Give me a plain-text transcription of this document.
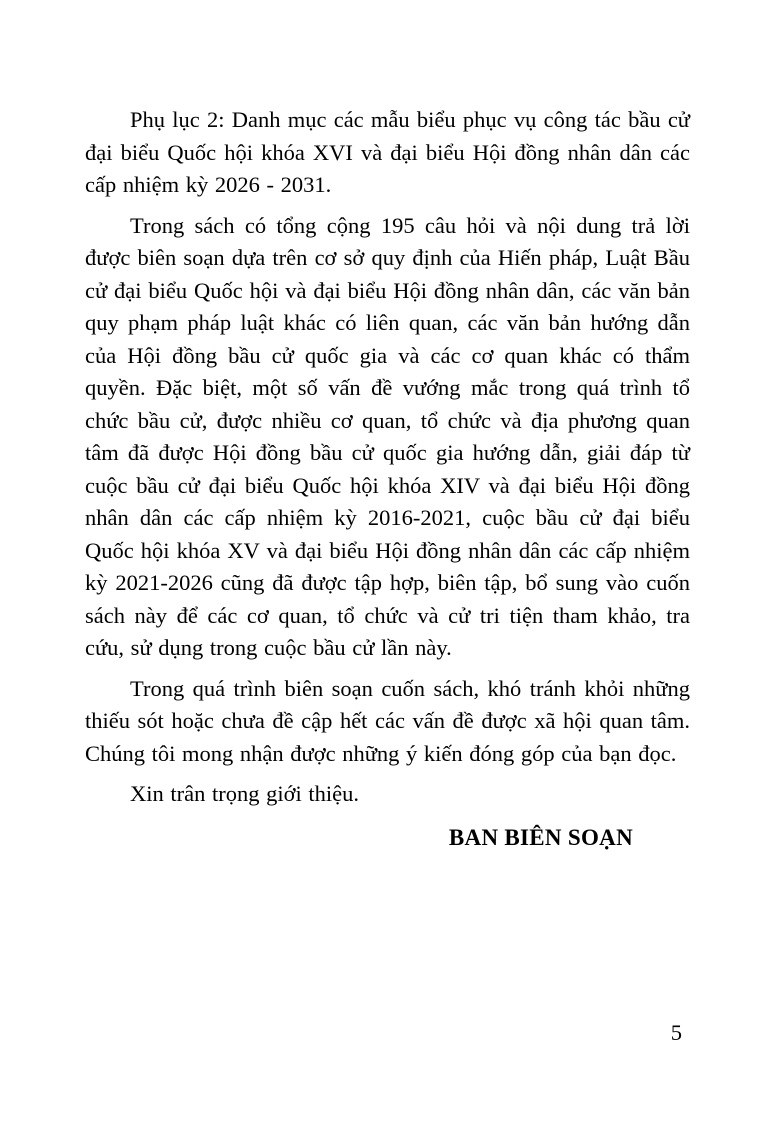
Phụ lục 2: Danh mục các mẫu biểu phục vụ công tác bầu cử đại biểu Quốc hội khóa XVI và đại biểu Hội đồng nhân dân các cấp nhiệm kỳ 2026 - 2031.

Trong sách có tổng cộng 195 câu hỏi và nội dung trả lời được biên soạn dựa trên cơ sở quy định của Hiến pháp, Luật Bầu cử đại biểu Quốc hội và đại biểu Hội đồng nhân dân, các văn bản quy phạm pháp luật khác có liên quan, các văn bản hướng dẫn của Hội đồng bầu cử quốc gia và các cơ quan khác có thẩm quyền. Đặc biệt, một số vấn đề vướng mắc trong quá trình tổ chức bầu cử, được nhiều cơ quan, tổ chức và địa phương quan tâm đã được Hội đồng bầu cử quốc gia hướng dẫn, giải đáp từ cuộc bầu cử đại biểu Quốc hội khóa XIV và đại biểu Hội đồng nhân dân các cấp nhiệm kỳ 2016-2021, cuộc bầu cử đại biểu Quốc hội khóa XV và đại biểu Hội đồng nhân dân các cấp nhiệm kỳ 2021-2026 cũng đã được tập hợp, biên tập, bổ sung vào cuốn sách này để các cơ quan, tổ chức và cử tri tiện tham khảo, tra cứu, sử dụng trong cuộc bầu cử lần này.

Trong quá trình biên soạn cuốn sách, khó tránh khỏi những thiếu sót hoặc chưa đề cập hết các vấn đề được xã hội quan tâm. Chúng tôi mong nhận được những ý kiến đóng góp của bạn đọc.

Xin trân trọng giới thiệu.

BAN BIÊN SOẠN
5
